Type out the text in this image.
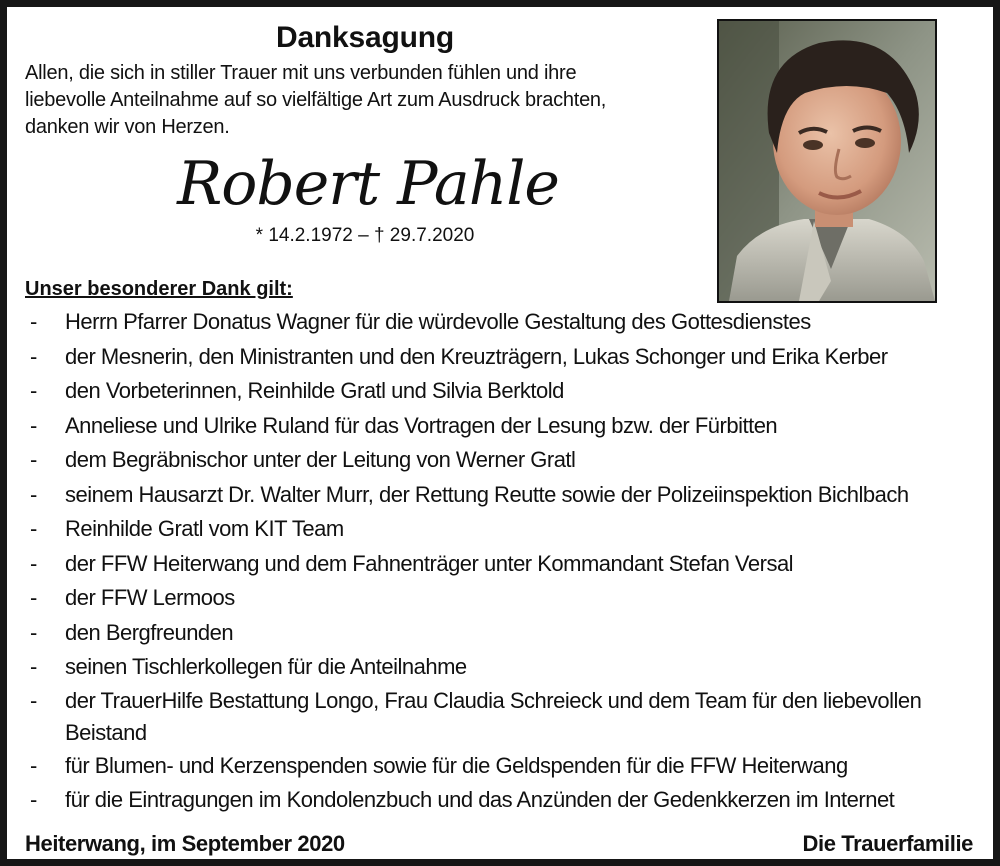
Danksagung
Allen, die sich in stiller Trauer mit uns verbunden fühlen und ihre liebevolle Anteilnahme auf so vielfältige Art zum Ausdruck brachten, danken wir von Herzen.
Robert Pahle
* 14.2.1972 – † 29.7.2020
Unser besonderer Dank gilt:
- Herrn Pfarrer Donatus Wagner für die würdevolle Gestaltung des Gottesdienstes
- der Mesnerin, den Ministranten und den Kreuzträgern, Lukas Schonger und Erika Kerber
- den Vorbeterinnen, Reinhilde Gratl und Silvia Berktold
- Anneliese und Ulrike Ruland für das Vortragen der Lesung bzw. der Fürbitten
- dem Begräbnischor unter der Leitung von Werner Gratl
- seinem Hausarzt Dr. Walter Murr, der Rettung Reutte sowie der Polizeiinspektion Bichlbach
- Reinhilde Gratl vom KIT Team
- der FFW Heiterwang und dem Fahnenträger unter Kommandant Stefan Versal
- der FFW Lermoos
- den Bergfreunden
- seinen Tischlerkollegen für die Anteilnahme
- der TrauerHilfe Bestattung Longo, Frau Claudia Schreieck und dem Team für den liebevollen Beistand
- für Blumen- und Kerzenspenden sowie für die Geldspenden für die FFW Heiterwang
- für die Eintragungen im Kondolenzbuch und das Anzünden der Gedenkkerzen im Internet
Heiterwang, im September 2020	Die Trauerfamilie
